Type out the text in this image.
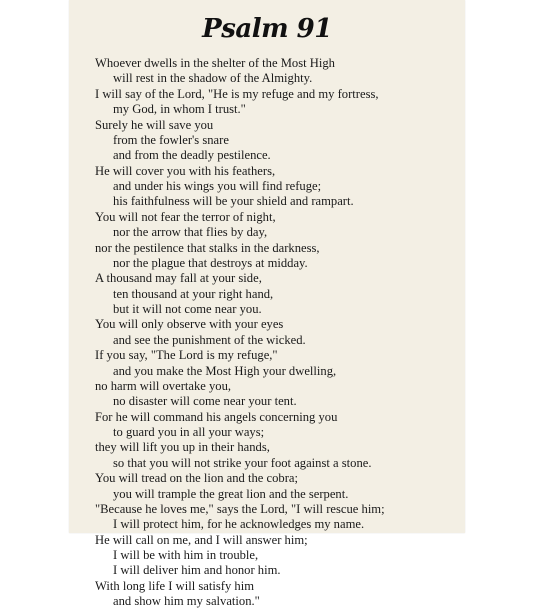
Psalm 91
Whoever dwells in the shelter of the Most High
will rest in the shadow of the Almighty.
I will say of the Lord, "He is my refuge and my fortress,
my God, in whom I trust."
Surely he will save you
from the fowler's snare
and from the deadly pestilence.
He will cover you with his feathers,
and under his wings you will find refuge;
his faithfulness will be your shield and rampart.
You will not fear the terror of night,
nor the arrow that flies by day,
nor the pestilence that stalks in the darkness,
nor the plague that destroys at midday.
A thousand may fall at your side,
ten thousand at your right hand,
but it will not come near you.
You will only observe with your eyes
and see the punishment of the wicked.
If you say, "The Lord is my refuge,"
and you make the Most High your dwelling,
no harm will overtake you,
no disaster will come near your tent.
For he will command his angels concerning you
to guard you in all your ways;
they will lift you up in their hands,
so that you will not strike your foot against a stone.
You will tread on the lion and the cobra;
you will trample the great lion and the serpent.
"Because he loves me," says the Lord, "I will rescue him;
I will protect him, for he acknowledges my name.
He will call on me, and I will answer him;
I will be with him in trouble,
I will deliver him and honor him.
With long life I will satisfy him
and show him my salvation."
